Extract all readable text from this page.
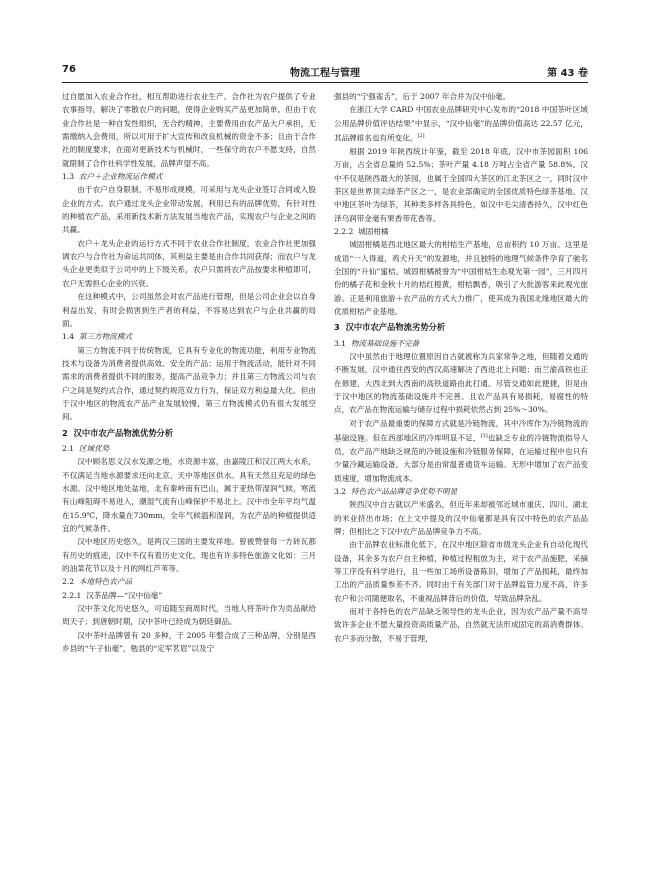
76	物流工程与管理	第 43 卷

过自愿加入农业合作社，相互帮助进行农业生产。合作社为农户提供了专业农事指导，解决了零散农户的问题，使得企业购买产品更加简单。但由于农业合作社是一种自发性组织，无合约精神，主要费用由农产品大户承担，无需缴纳入会费用，所以可用于扩大宣传和改良机械的资金不多；且由于合作社的制度要求，在面对更新技术与机械时，一些保守的农户不愿支持，自然就限制了合作社科学性发展，品牌声望不高。

1.3 农户＋企业物流运作模式

由于农户自身限制，不易形成规模，可采用与龙头企业签订合同或入股企业的方式。农户通过龙头企业带动发展，利用已有的品牌优势，有针对性的种植农产品，采用新技术新方法发展当地农产品，实现农户与企业之间的共赢。

农户＋龙头企业的运行方式不同于农业合作社制度，农业合作社更加强调农户与合作社为命运共同体，其利益主要是由合作共同获得；而农户与龙头企业更类似于公司中的上下级关系，农户只需将农产品按要求种植即可，农户无需担心企业的兴衰。

在这种模式中，公司虽然会对农产品进行管理，但是公司企业会以自身利益出发，有时会损害到生产者的利益，不容易达到农户与企业共赢的局面。

1.4 第三方物流模式

第三方物流不同于传统物流，它具有专业化的物流功能，利用专业物流技术与设备为消费者提供高效、安全的产品；运用于物流活动，能针对不同需求的消费者提供不同的服务，提高产品竞争力；并且第三方物流公司与农户之间是契约式合作，通过契约规范双方行为，保证双方利益最大化。但由于汉中地区的物流农产品产业发展较慢，第三方物流模式仍有很大发展空间。

2 汉中市农产品物流优势分析
2.1 区域优势

汉中顾名思义汉水发源之地，水资源丰富，由嘉陵江和汉江两大水系，不仅满足当地水源要求还向北京、天中等地区供水。具有天然且充足的绿色水源。汉中地区地处盆地，北有秦岭南有巴山，属于亚热带湿润气候，寒流有山峰阻碍不易进入，潮湿气流有山峰保护不易北上。汉中市全年平均气温在15.9℃，降水量在730mm，全年气候温和湿润，为农产品的种植提供适宜的气候条件。

汉中地区历史悠久，是两汉三国的主要发祥地。曾被赞誉每一方砖瓦都有历史的痕迹，汉中不仅有着历史文化，现也有许多特色旅游文化如：三月的油菜花节以及十月的网红芦苇等。

2.2 本地特色农产品
2.2.1 汉茶品牌—“汉中仙毫”

汉中茶文化历史悠久，可追随至商周时代，当地人将茶叶作为贡品献给周天子；到唐朝时期，汉中茶叶已经成为朝廷御品。

汉中茶叶品牌曾有 20 多种，于 2005 年整合成了三种品牌，分别是西乡县的“午子仙毫”，勉县的“定军茗眉”以及宁

强县的“宁强雀舌”，后于 2007 年合并为汉中仙毫。

在浙江大学 CARD 中国农业品牌研究中心发布的“2018 中国茶叶区域公用品牌价值评估结果”中显示，“汉中仙毫”的品牌价值高达 22.57 亿元，其品牌排名也有所变化。[2]

根据 2019 年陕西统计年鉴，截至 2018 年底，汉中市茶园面积 106 万亩，占全省总量的 52.5%；茶叶产量 4.18 万吨占全省产量 58.8%。汉中不仅是陕西最大的茶园，也属于全国四大茶区的江北茶区之一，同时汉中茶区是世界顶尖绿茶产区之一，是农业部确定的全国优质特色绿茶基地。汉中地区茶叶为绿茶，其种类多样各具特色，如汉中毛尖清香持久，汉中红色泽乌润带金毫有果香带花香等。

2.2.2 城固柑橘

城固柑橘是西北地区最大的柑桔生产基地，总亩积约 10 万亩。这里是成语“一人得道，鸡犬升天”的发源地，并且独特的地理气候条件孕育了驰名全国的“升仙”蜜桔。城固柑橘被誉为“中国柑桔生态观光第一园”，三月四月份的橘子花和金秋十月的桔红橙黄，柑桔飘香，吸引了大批游客来此观光旅游。正是利用旅游＋农产品的方式大力推广，使其成为我国北缘地区最大的优质柑桔产业基地。

3 汉中市农产品物流劣势分析
3.1 物流基础设施不完备

汉中虽然由于地理位置原因自古就被称为兵家常争之地，但随着交通的不断发展，汉中通往西安的西汉高速解决了西进北上问题；而兰渝高铁也正在修建，大西北到大西南的高铁道路由此打通。尽管交通如此便捷，但是由于汉中地区的物流基础设施并不完善。且农产品具有易损耗，易腐性的特点，农产品在物流运输与储存过程中损耗依然占到 25%～30%。

对于农产品最重要的保障方式就是冷链物流，其中冷库作为冷链物流的基础设施。但在西部地区的冷库明显不足，[3]也缺乏专业的冷链物流指导人员，农产品产地缺乏规范的冷链设施和冷链服务保障，在运输过程中也只有少量冷藏运输设备，大部分是由常温普通货车运输。无形中增加了农产品变质速度，增加物流成本。

3.2 特色农产品品牌竞争优势不明显

陕西汉中自古就以产米盛名，但近年来却被邻近城市重庆、四川、湖北的米业挤出市场；在上文中提及的汉中仙毫都是具有汉中特色的农产品品牌；但相比之下汉中农产品品牌竞争力不高。

由于品牌农业标准化低下，在汉中地区除省市级龙头企业有自动化现代设备，其余多为农户自主种植，种植过程粗放为主，对于农产品施肥，采摘等工序没有科学进行，且一些加工场所设备陈旧，增加了产品损耗，最终加工出的产品质量参差不齐。同时由于有关部门对于品牌监管力度不高，许多农户和公司随便取名，不重视品牌背后的价值，导致品牌杂乱。

而对于各特色的农产品缺乏领导性的龙头企业，因为农产品产量不高导致许多企业不愿大量投资高质量产品，自然就无法形成固定的高消费群体。农户多而分散，不易于管理，
